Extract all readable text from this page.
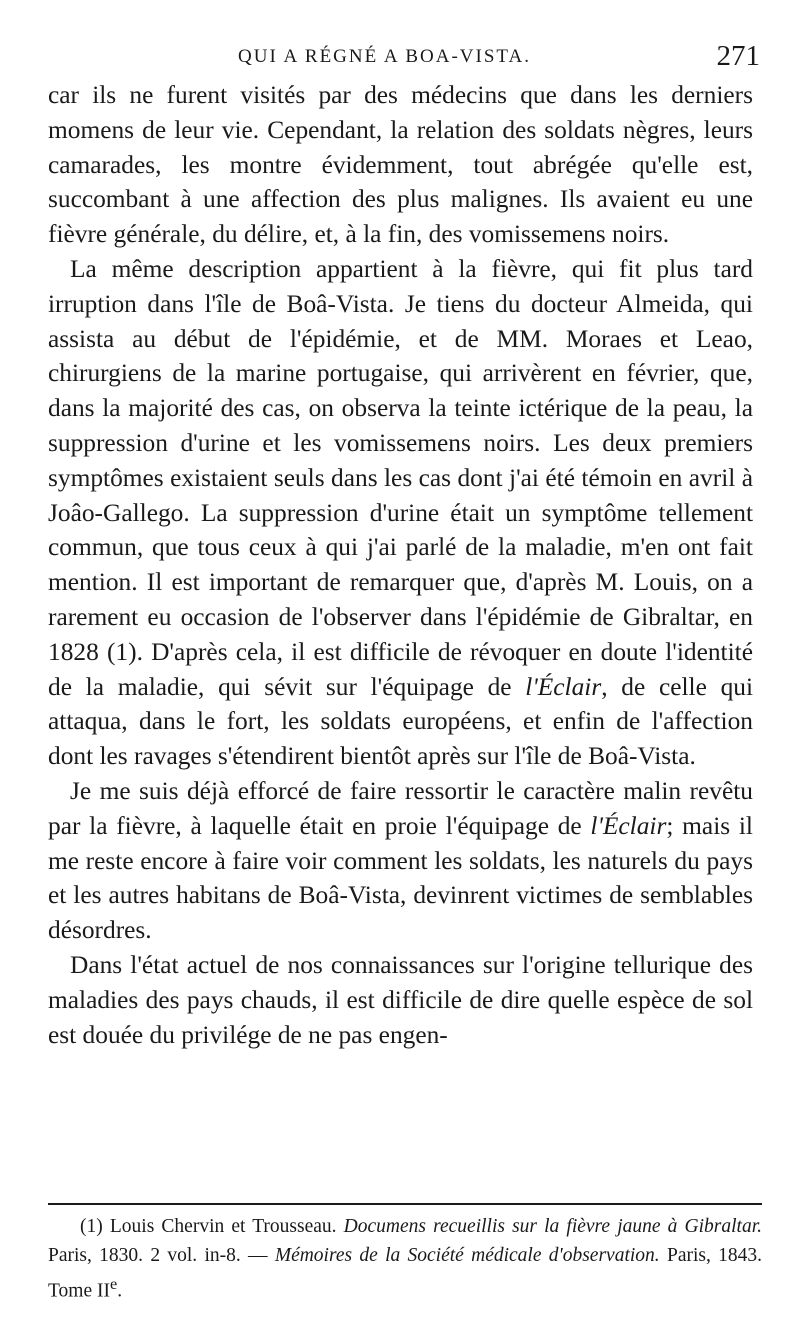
QUI A RÉGNÉ A BOA-VISTA.	271

car ils ne furent visités par des médecins que dans les derniers momens de leur vie. Cependant, la relation des soldats nègres, leurs camarades, les montre évidemment, tout abrégée qu'elle est, succombant à une affection des plus malignes. Ils avaient eu une fièvre générale, du délire, et, à la fin, des vomissemens noirs.

La même description appartient à la fièvre, qui fit plus tard irruption dans l'île de Boâ-Vista. Je tiens du docteur Almeida, qui assista au début de l'épidémie, et de MM. Moraes et Leao, chirurgiens de la marine portugaise, qui arrivèrent en février, que, dans la majorité des cas, on observa la teinte ictérique de la peau, la suppression d'urine et les vomissemens noirs. Les deux premiers symptômes existaient seuls dans les cas dont j'ai été témoin en avril à Joâo-Gallego. La suppression d'urine était un symptôme tellement commun, que tous ceux à qui j'ai parlé de la maladie, m'en ont fait mention. Il est important de remarquer que, d'après M. Louis, on a rarement eu occasion de l'observer dans l'épidémie de Gibraltar, en 1828 (1). D'après cela, il est difficile de révoquer en doute l'identité de la maladie, qui sévit sur l'équipage de l'Éclair, de celle qui attaqua, dans le fort, les soldats européens, et enfin de l'affection dont les ravages s'étendirent bientôt après sur l'île de Boâ-Vista.

Je me suis déjà efforcé de faire ressortir le caractère malin revêtu par la fièvre, à laquelle était en proie l'équipage de l'Éclair; mais il me reste encore à faire voir comment les soldats, les naturels du pays et les autres habitans de Boâ-Vista, devinrent victimes de semblables désordres.

Dans l'état actuel de nos connaissances sur l'origine tellurique des maladies des pays chauds, il est difficile de dire quelle espèce de sol est douée du privilége de ne pas engen-

(1) Louis Chervin et Trousseau. Documens recueillis sur la fièvre jaune à Gibraltar. Paris, 1830. 2 vol. in-8. — Mémoires de la Société médicale d'observation. Paris, 1843. Tome IIe.
